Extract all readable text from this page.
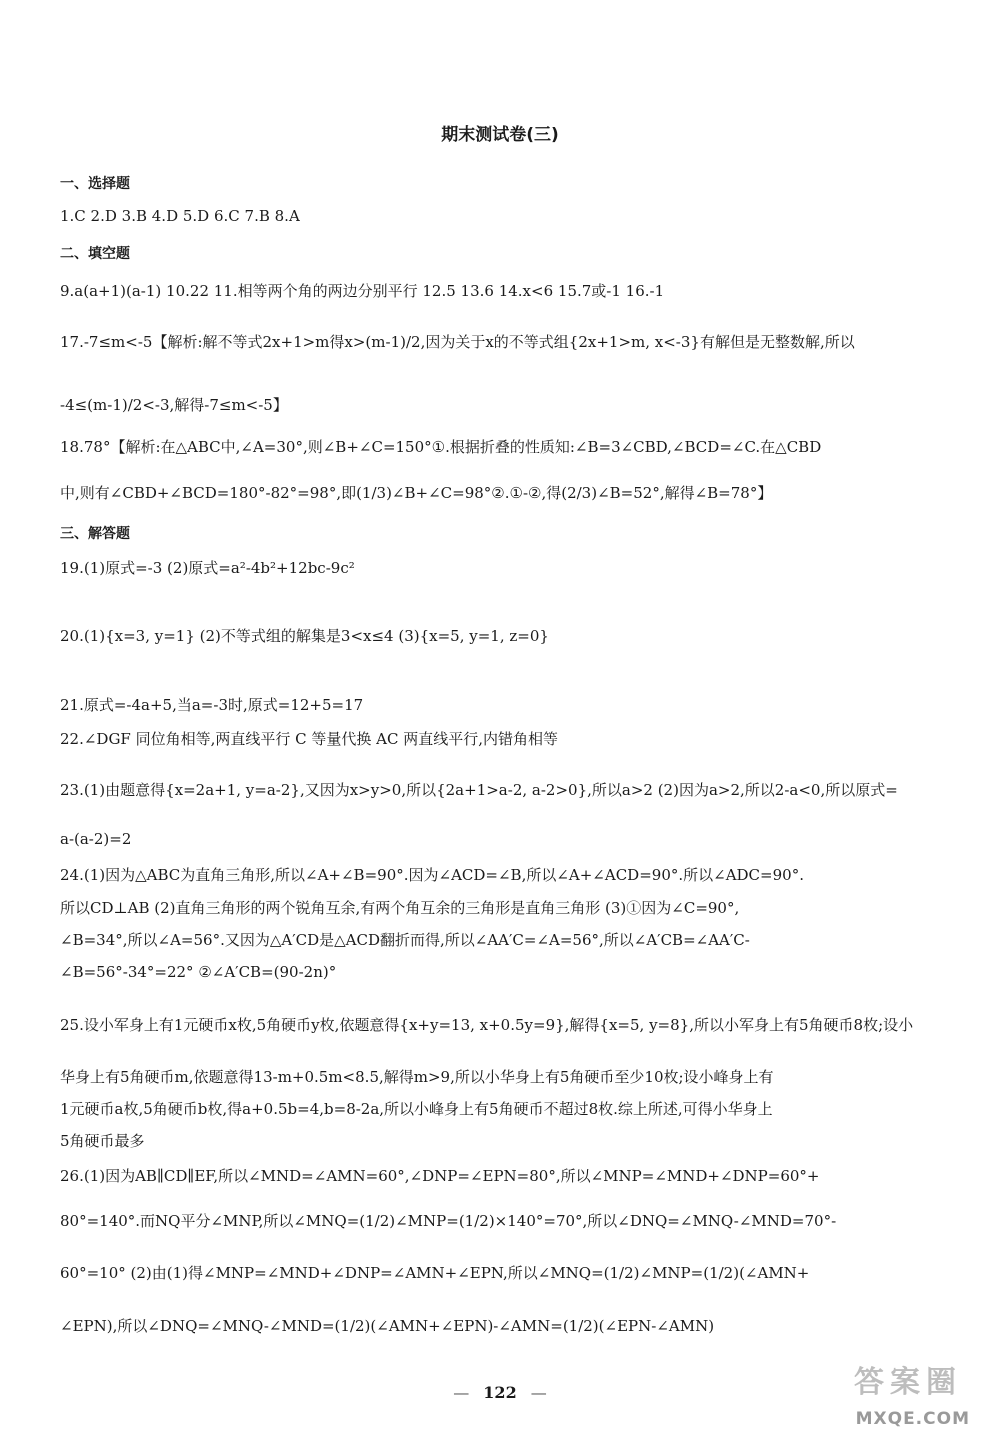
期末测试卷(三)
一、选择题
1.C 2.D 3.B 4.D 5.D 6.C 7.B 8.A
二、填空题
9.a(a+1)(a-1) 10.22 11.相等两个角的两边分别平行 12.5 13.6 14.x<6 15.7或-1 16.-1
17.-7≤m<-5【解析:解不等式2x+1>m得x>(m-1)/2,因为关于x的不等式组{2x+1>m, x<-3}有解但是无整数解,所以
-4≤(m-1)/2<-3,解得-7≤m<-5】
18.78°【解析:在△ABC中,∠A=30°,则∠B+∠C=150°①.根据折叠的性质知:∠B=3∠CBD,∠BCD=∠C.在△CBD
中,则有∠CBD+∠BCD=180°-82°=98°,即(1/3)∠B+∠C=98°②.①-②,得(2/3)∠B=52°,解得∠B=78°】
三、解答题
19.(1)原式=-3 (2)原式=a²-4b²+12bc-9c²
20.(1){x=3, y=1} (2)不等式组的解集是3<x≤4 (3){x=5, y=1, z=0}
21.原式=-4a+5,当a=-3时,原式=12+5=17
22.∠DGF 同位角相等,两直线平行 C 等量代换 AC 两直线平行,内错角相等
23.(1)由题意得{x=2a+1, y=a-2},又因为x>y>0,所以{2a+1>a-2, a-2>0},所以a>2 (2)因为a>2,所以2-a<0,所以原式=
a-(a-2)=2
24.(1)因为△ABC为直角三角形,所以∠A+∠B=90°.因为∠ACD=∠B,所以∠A+∠ACD=90°.所以∠ADC=90°.
所以CD⊥AB (2)直角三角形的两个锐角互余,有两个角互余的三角形是直角三角形 (3)①因为∠C=90°,
∠B=34°,所以∠A=56°.又因为△A′CD是△ACD翻折而得,所以∠AA′C=∠A=56°,所以∠A′CB=∠AA′C-
∠B=56°-34°=22° ②∠A′CB=(90-2n)°
25.设小军身上有1元硬币x枚,5角硬币y枚,依题意得{x+y=13, x+0.5y=9},解得{x=5, y=8},所以小军身上有5角硬币8枚;设小
华身上有5角硬币m,依题意得13-m+0.5m<8.5,解得m>9,所以小华身上有5角硬币至少10枚;设小峰身上有
1元硬币a枚,5角硬币b枚,得a+0.5b=4,b=8-2a,所以小峰身上有5角硬币不超过8枚.综上所述,可得小华身上
5角硬币最多
26.(1)因为AB∥CD∥EF,所以∠MND=∠AMN=60°,∠DNP=∠EPN=80°,所以∠MNP=∠MND+∠DNP=60°+
80°=140°.而NQ平分∠MNP,所以∠MNQ=(1/2)∠MNP=(1/2)×140°=70°,所以∠DNQ=∠MNQ-∠MND=70°-
60°=10° (2)由(1)得∠MNP=∠MND+∠DNP=∠AMN+∠EPN,所以∠MNQ=(1/2)∠MNP=(1/2)(∠AMN+
∠EPN),所以∠DNQ=∠MNQ-∠MND=(1/2)(∠AMN+∠EPN)-∠AMN=(1/2)(∠EPN-∠AMN)
— 122 —	答案圈
MXQE.COM
